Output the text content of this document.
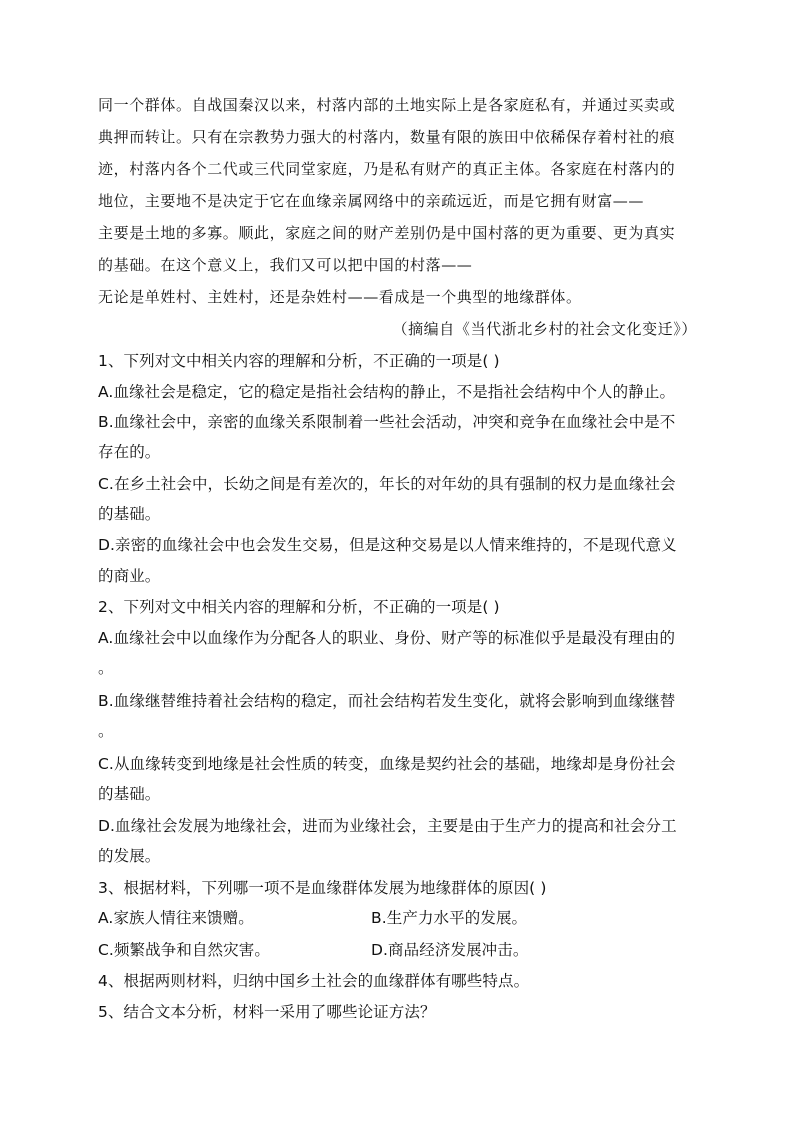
同一个群体。自战国秦汉以来，村落内部的土地实际上是各家庭私有，并通过买卖或
典押而转让。只有在宗教势力强大的村落内，数量有限的族田中依稀保存着村社的痕
迹，村落内各个二代或三代同堂家庭，乃是私有财产的真正主体。各家庭在村落内的
地位，主要地不是决定于它在血缘亲属网络中的亲疏远近，而是它拥有财富——
主要是土地的多寡。顺此，家庭之间的财产差别仍是中国村落的更为重要、更为真实
的基础。在这个意义上，我们又可以把中国的村落——
无论是单姓村、主姓村，还是杂姓村——看成是一个典型的地缘群体。
（摘编自《当代浙北乡村的社会文化变迁》）
1、下列对文中相关内容的理解和分析，不正确的一项是( )
A.血缘社会是稳定，它的稳定是指社会结构的静止，不是指社会结构中个人的静止。
B.血缘社会中，亲密的血缘关系限制着一些社会活动，冲突和竞争在血缘社会中是不
存在的。
C.在乡土社会中，长幼之间是有差次的，年长的对年幼的具有强制的权力是血缘社会
的基础。
D.亲密的血缘社会中也会发生交易，但是这种交易是以人情来维持的，不是现代意义
的商业。
2、下列对文中相关内容的理解和分析，不正确的一项是( )
A.血缘社会中以血缘作为分配各人的职业、身份、财产等的标准似乎是最没有理由的
。
B.血缘继替维持着社会结构的稳定，而社会结构若发生变化，就将会影响到血缘继替
。
C.从血缘转变到地缘是社会性质的转变，血缘是契约社会的基础，地缘却是身份社会
的基础。
D.血缘社会发展为地缘社会，进而为业缘社会，主要是由于生产力的提高和社会分工
的发展。
3、根据材料，下列哪一项不是血缘群体发展为地缘群体的原因( )
A.家族人情往来馈赠。	B.生产力水平的发展。
C.频繁战争和自然灾害。	D.商品经济发展冲击。
4、根据两则材料，归纳中国乡土社会的血缘群体有哪些特点。
5、结合文本分析，材料一采用了哪些论证方法？
